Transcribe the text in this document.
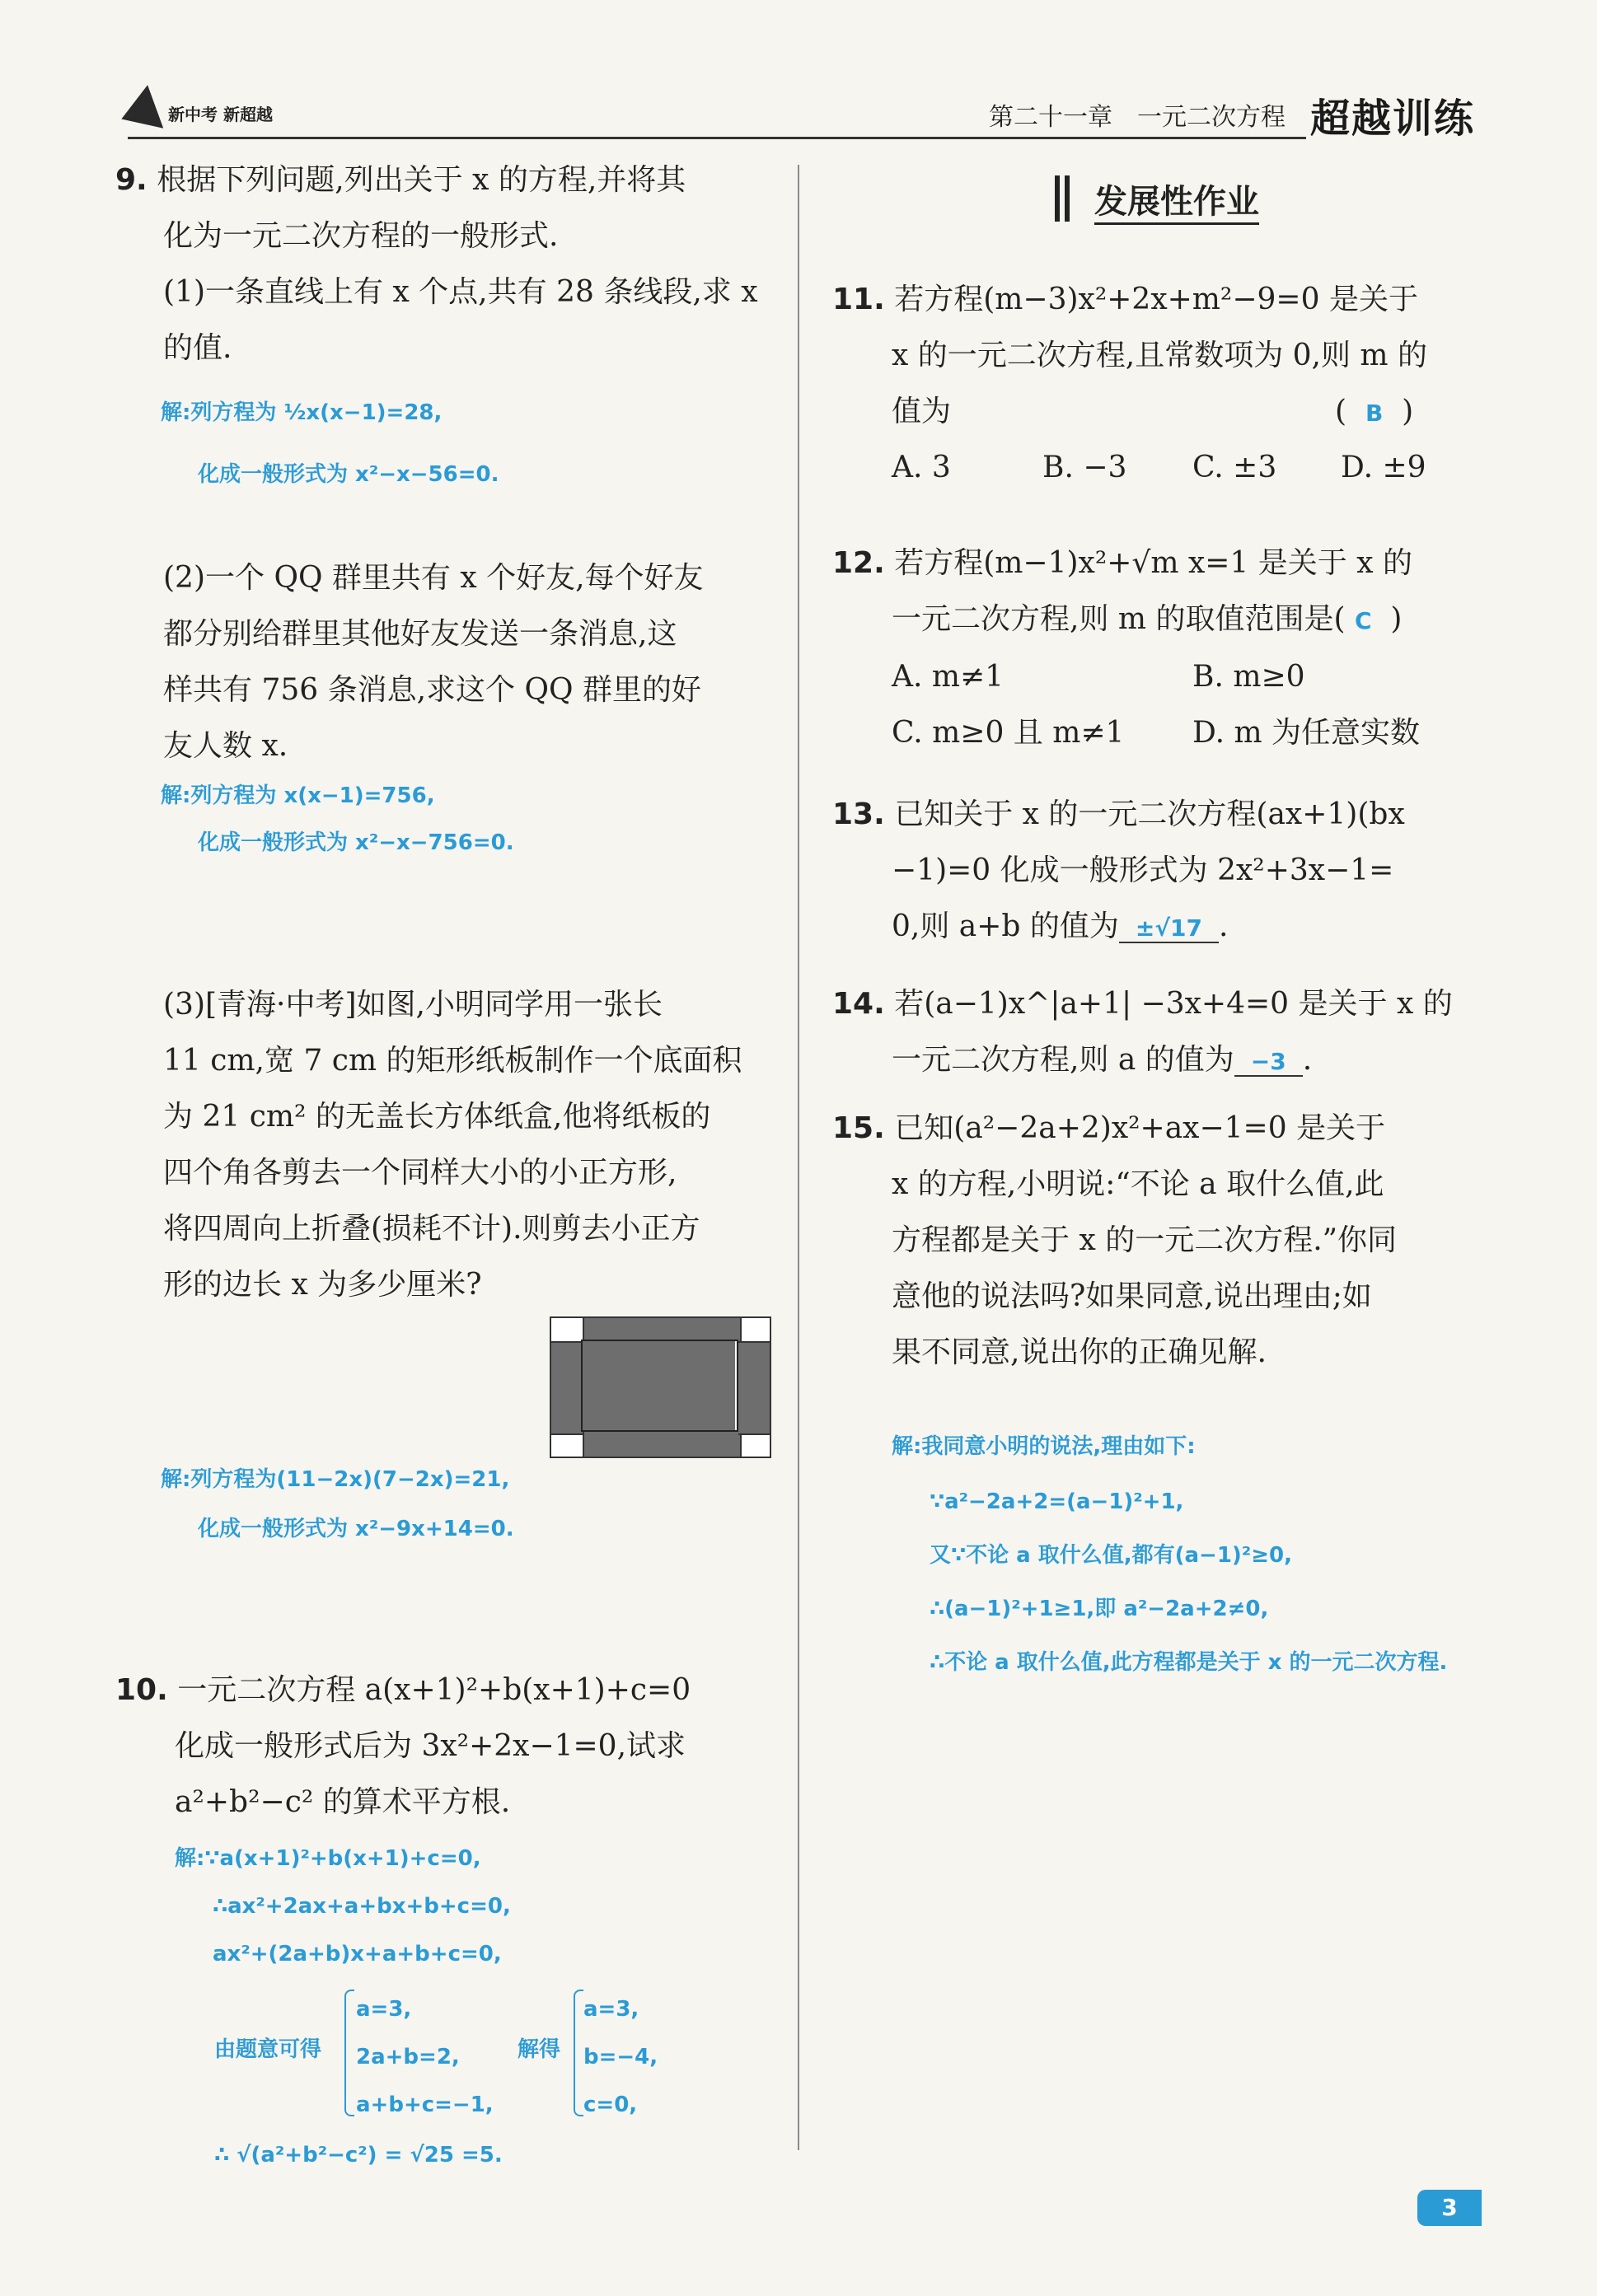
新中考 新超越	第二十一章　一元二次方程 超越训练
9. 根据下列问题,列出关于 x 的方程,并将其
化为一元二次方程的一般形式.
(1)一条直线上有 x 个点,共有 28 条线段,求 x
的值.
解:列方程为 ½x(x−1)=28,
化成一般形式为 x²−x−56=0.
(2)一个 QQ 群里共有 x 个好友,每个好友
都分别给群里其他好友发送一条消息,这
样共有 756 条消息,求这个 QQ 群里的好
友人数 x.
解:列方程为 x(x−1)=756,
化成一般形式为 x²−x−756=0.
(3)[青海·中考]如图,小明同学用一张长
11 cm,宽 7 cm 的矩形纸板制作一个底面积
为 21 cm² 的无盖长方体纸盒,他将纸板的
四个角各剪去一个同样大小的小正方形,
将四周向上折叠(损耗不计).则剪去小正方
形的边长 x 为多少厘米?
解:列方程为(11−2x)(7−2x)=21,
化成一般形式为 x²−9x+14=0.
10. 一元二次方程 a(x+1)²+b(x+1)+c=0
化成一般形式后为 3x²+2x−1=0,试求
a²+b²−c² 的算术平方根.
解:∵a(x+1)²+b(x+1)+c=0,
∴ax²+2ax+a+bx+b+c=0,
ax²+(2a+b)x+a+b+c=0,
由题意可得
a=3,
2a+b=2,
a+b+c=−1,
解得
a=3,
b=−4,
c=0,
∴ √(a²+b²−c²) = √25 =5.
发展性作业
11. 若方程(m−3)x²+2x+m²−9=0 是关于
x 的一元二次方程,且常数项为 0,则 m 的
值为	( B )
A. 3	B. −3 C. ±3 D. ±9
12. 若方程(m−1)x²+√m x=1 是关于 x 的
一元二次方程,则 m 的取值范围是( C )
A. m≠1	B. m≥0
C. m≥0 且 m≠1 D. m 为任意实数
13. 已知关于 x 的一元二次方程(ax+1)(bx
−1)=0 化成一般形式为 2x²+3x−1=
0,则 a+b 的值为 ±√17 .
14. 若(a−1)x^|a+1| −3x+4=0 是关于 x 的
一元二次方程,则 a 的值为 −3 .
15. 已知(a²−2a+2)x²+ax−1=0 是关于
x 的方程,小明说:“不论 a 取什么值,此
方程都是关于 x 的一元二次方程.”你同
意他的说法吗?如果同意,说出理由;如
果不同意,说出你的正确见解.
解:我同意小明的说法,理由如下:
∵a²−2a+2=(a−1)²+1,
又∵不论 a 取什么值,都有(a−1)²≥0,
∴(a−1)²+1≥1,即 a²−2a+2≠0,
∴不论 a 取什么值,此方程都是关于 x 的一元二次方程.
3
